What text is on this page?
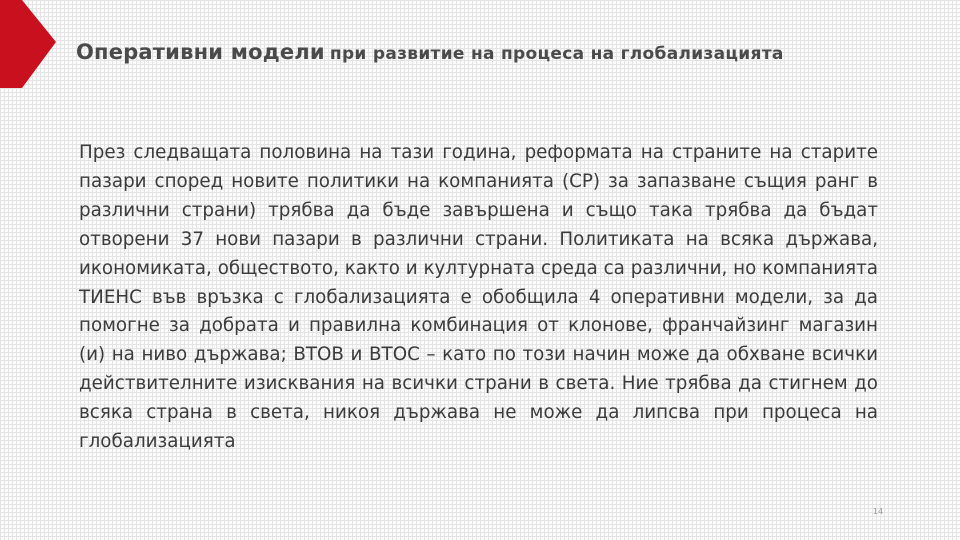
Оперативни модели при развитие на процеса на глобализацията

През следващата половина на тази година, реформата на страните на старите пазари според новите политики на компанията (СР) за запазване същия ранг в различни страни) трябва да бъде завършена и също така трябва да бъдат отворени 37 нови пазари в различни страни. Политиката на всяка държава, икономиката, обществото, както и културната среда са различни, но компанията ТИЕНС във връзка с глобализацията е обобщила 4 оперативни модели, за да помогне за добрата и правилна комбинация от клонове, франчайзинг магазин (и) на ниво държава; ВТОВ и ВТОС – като по този начин може да обхване всички действителните изисквания на всички страни в света. Ние трябва да стигнем до всяка страна в света, никоя държава не може да липсва при процеса на глобализацията

14
